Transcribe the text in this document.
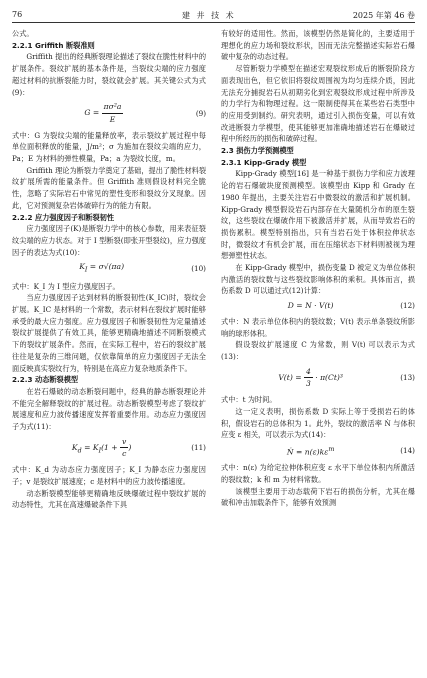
76	建 井 技 术	2025 年第 46 卷

公式。

2.2.1 Griffith 断裂准则

Griffith 提出的经典断裂理论描述了裂纹在脆性材料中的扩展条件。裂纹扩展的基本条件是，当裂纹尖端的应力强度超过材料的抗断裂能力时，裂纹就会扩展。其关键公式为式(9)：

$G = \frac{\text{πσ²a}}{E}$	(9)

式中：G 为裂纹尖端的能量释放率，表示裂纹扩展过程中每单位面积释放的能量，J/m²；σ 为施加在裂纹尖端的应力，Pa；E 为材料的弹性模量，Pa；a 为裂纹长度，m。

Griffith 理论为断裂力学奠定了基础，提出了脆性材料裂纹扩展所需的能量条件。但 Griffith 准则假设材料完全脆性，忽略了实际岩石中常见的塑性变形和裂纹分叉现象。因此，它对预测复杂岩体破碎行为的能力有限。

2.2.2 应力强度因子和断裂韧性

应力强度因子(K)是断裂力学中的核心参数，用来表征裂纹尖端的应力状态。对于 I 型断裂(即张开型裂纹)，应力强度因子的表达为式(10)：

$K_I = \sigma√(\pi a)$	(10)

式中：K_I 为 I 型应力强度因子。

当应力强度因子达到材料的断裂韧性(K_IC)时，裂纹会扩展。K_IC 是材料的一个常数，表示材料在裂纹扩展时能够承受的最大应力强度。应力强度因子和断裂韧性为定量描述裂纹扩展提供了有效工具，能够更精确地描述不同断裂模式下的裂纹扩展条件。然而，在实际工程中，岩石的裂纹扩展往往是复杂的三维问题，仅依靠简单的应力强度因子无法全面反映真实裂纹行为，特别是在高应力复杂地质条件下。

2.2.3 动态断裂模型

在岩石爆破的动态断裂问题中，经典的静态断裂理论并不能完全解释裂纹的扩展过程。动态断裂模型考虑了裂纹扩展速度和应力波传播速度发挥着重要作用。动态应力强度因子为式(11)：

$K_d = K_I(1 + \frac{v}{c}$ )	(11)

式中：K_d 为动态应力强度因子；K_I 为静态应力强度因子；v 是裂纹扩展速度；c 是材料中的应力波传播速度。

动态断裂模型能够更精确地反映爆破过程中裂纹扩展的动态特性，尤其在高速爆破条件下具

有较好的适用性。然而，该模型仍然是简化的，主要适用于理想化的应力场和裂纹形状，因而无法完整描述实际岩石爆破中复杂的动态过程。

尽管断裂力学模型在描述宏观裂纹形成后的断裂阶段方面表现出色，但它依旧将裂纹周围视为均匀连续介质，因此无法充分捕捉岩石从初期劣化到宏观裂纹形成过程中所涉及的力学行为和物理过程。这一限制使得其在某些岩石类型中的应用受到制约。研究表明，通过引入损伤变量，可以有效改进断裂力学模型，使其能够更加准确地描述岩石在爆破过程中所经历的损伤和破碎过程。

2.3 损伤力学预测模型
2.3.1 Kipp-Grady 模型

Kipp-Grady 模型[16] 是一种基于损伤力学和应力波理论的岩石爆破块度预测模型。该模型由 Kipp 和 Grady 在 1980 年提出，主要关注岩石中微裂纹的激活和扩展机制。Kipp-Grady 模型假设岩石内部存在大量随机分布的原生裂纹，这些裂纹在爆破作用下被激活并扩展，从而导致岩石的损伤累积。模型特别指出，只有当岩石处于体积拉伸状态时，微裂纹才有机会扩展，而在压缩状态下材料则被视为理想弹塑性状态。

在 Kipp-Grady 模型中，损伤变量 D 被定义为单位体积内激活的裂纹数与这些裂纹影响体积的乘积。具体而言，损伤系数 D 可以通过式(12)计算：

D = N · V(t)	(12)

式中：N 表示单位体积内的裂纹数；V(t) 表示单条裂纹所影响的球形体积。

假设裂纹扩展速度 C 为常数，则 V(t) 可以表示为式(13)：

$V(t) = \frac{4}{3} \cdot \pi(Ct)^3$	(13)

式中：t 为时间。

这一定义表明，损伤系数 D 实际上等于受损岩石的体积，假设岩石的总体积为 1。此外，裂纹的激活率 Ṅ 与体积应变 ε 相关，可以表示为式(14)：

Ṅ = $n(\varepsilon)k\varepsilon^m$	(14)

式中：n(ε) 为给定拉伸体积应变 ε 水平下单位体积内所激活的裂纹数；k 和 m 为材料常数。

该模型主要用于动态载荷下岩石的损伤分析，尤其在爆破和冲击加载条件下，能够有效预测
